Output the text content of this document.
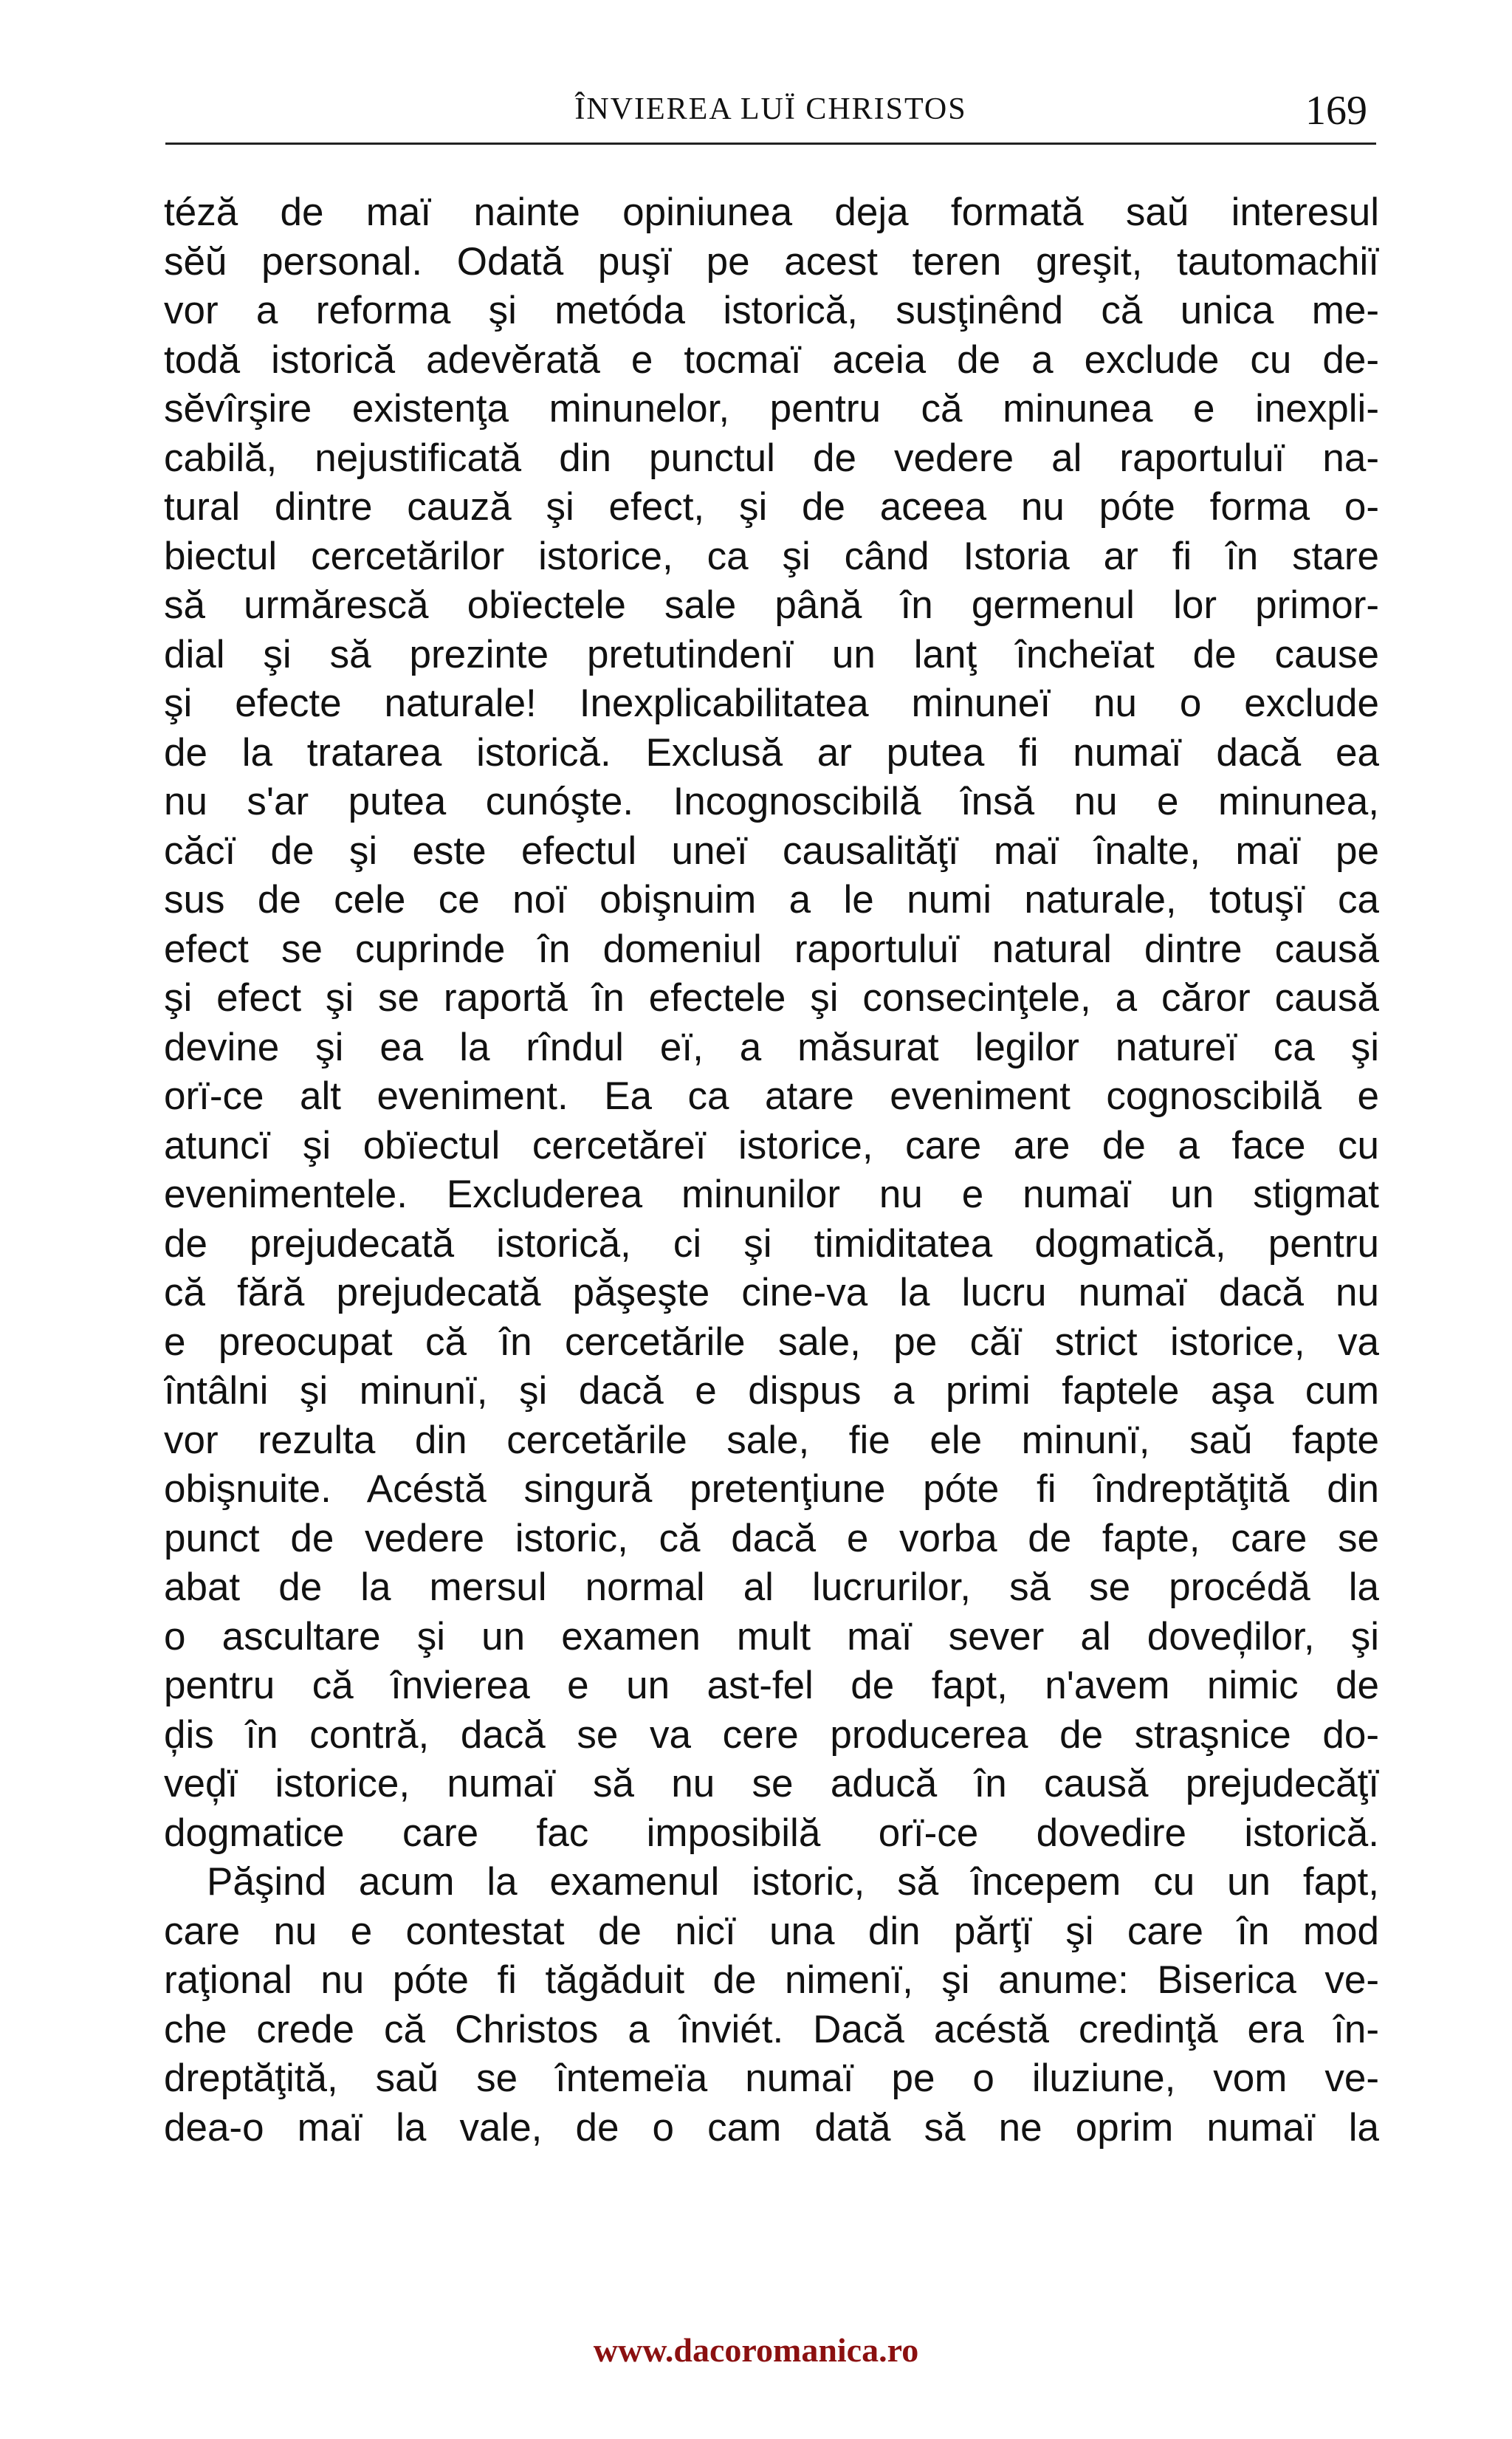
ÎNVIEREA LUÏ CHRISTOS	169
téză de maï nainte opiniunea deja formată saŭ interesul
sĕŭ personal. Odată puşï pe acest teren greşit, tautomachiï
vor a reforma şi metóda istorică, susţinênd că unica me-
todă istorică adevĕrată e tocmaï aceia de a exclude cu de-
sĕvîrşire existenţa minunelor, pentru că minunea e inexpli-
cabilă, nejustificată din punctul de vedere al raportuluï na-
tural dintre cauză şi efect, şi de aceea nu póte forma o-
biectul cercetărilor istorice, ca şi când Istoria ar fi în stare
să urmărescă obïectele sale până în germenul lor primor-
dial şi să prezinte pretutindenï un lanţ încheïat de cause
şi efecte naturale! Inexplicabilitatea minuneï nu o exclude
de la tratarea istorică. Exclusă ar putea fi numaï dacă ea
nu s'ar putea cunóşte. Incognoscibilă însă nu e minunea,
căcï de şi este efectul uneï causalităţï maï înalte, maï pe
sus de cele ce noï obişnuim a le numi naturale, totuşï ca
efect se cuprinde în domeniul raportuluï natural dintre causă
şi efect şi se raportă în efectele şi consecinţele, a căror causă
devine şi ea la rîndul eï, a măsurat legilor natureï ca şi
orï-ce alt eveniment. Ea ca atare eveniment cognoscibilă e
atuncï şi obïectul cercetăreï istorice, care are de a face cu
evenimentele. Excluderea minunilor nu e numaï un stigmat
de prejudecată istorică, ci şi timiditatea dogmatică, pentru
că fără prejudecată păşeşte cine-va la lucru numaï dacă nu
e preocupat că în cercetările sale, pe căï strict istorice, va
întâlni şi minunï, şi dacă e dispus a primi faptele aşa cum
vor rezulta din cercetările sale, fie ele minunï, saŭ fapte
obişnuite. Acéstă singură pretenţiune póte fi îndreptăţită din
punct de vedere istoric, că dacă e vorba de fapte, care se
abat de la mersul normal al lucrurilor, să se procédă la
o ascultare şi un examen mult maï sever al doveḑilor, şi
pentru că învierea e un ast-fel de fapt, n'avem nimic de
ḑis în contră, dacă se va cere producerea de straşnice do-
veḑï istorice, numaï să nu se aducă în causă prejudecăţï
dogmatice care fac imposibilă orï-ce dovedire istorică.
Păşind acum la examenul istoric, să începem cu un fapt,
care nu e contestat de nicï una din părţï şi care în mod
raţional nu póte fi tăgăduit de nimenï, şi anume: Biserica ve-
che crede că Christos a înviét. Dacă acéstă credinţă era în-
dreptăţită, saŭ se întemeïa numaï pe o iluziune, vom ve-
dea-o maï la vale, de o cam dată să ne oprim numaï la
www.dacoromanica.ro
